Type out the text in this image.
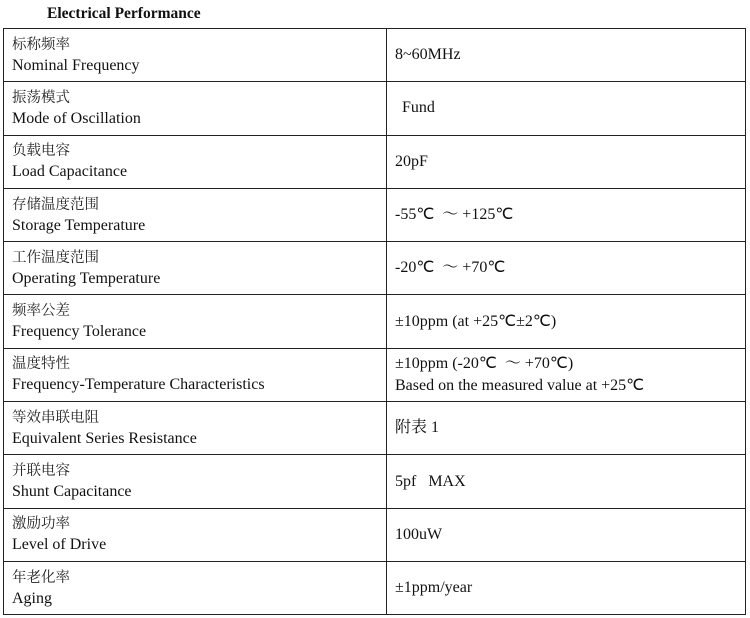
Electrical Performance
标称频率
Nominal Frequency	8~60MHz

振荡模式
Mode of Oscillation	Fund

负载电容
Load Capacitance	20pF

存储温度范围
Storage Temperature	-55℃  ～ +125℃

工作温度范围
Operating Temperature	-20℃  ～ +70℃

频率公差
Frequency Tolerance	±10ppm (at +25℃±2℃)

温度特性
Frequency-Temperature Characteristics	±10ppm (-20℃  ～ +70℃)
Based on the measured value at +25℃

等效串联电阻
Equivalent Series Resistance	附表 1

并联电容
Shunt Capacitance	5pf   MAX

激励功率
Level of Drive	100uW

年老化率
Aging	±1ppm/year
